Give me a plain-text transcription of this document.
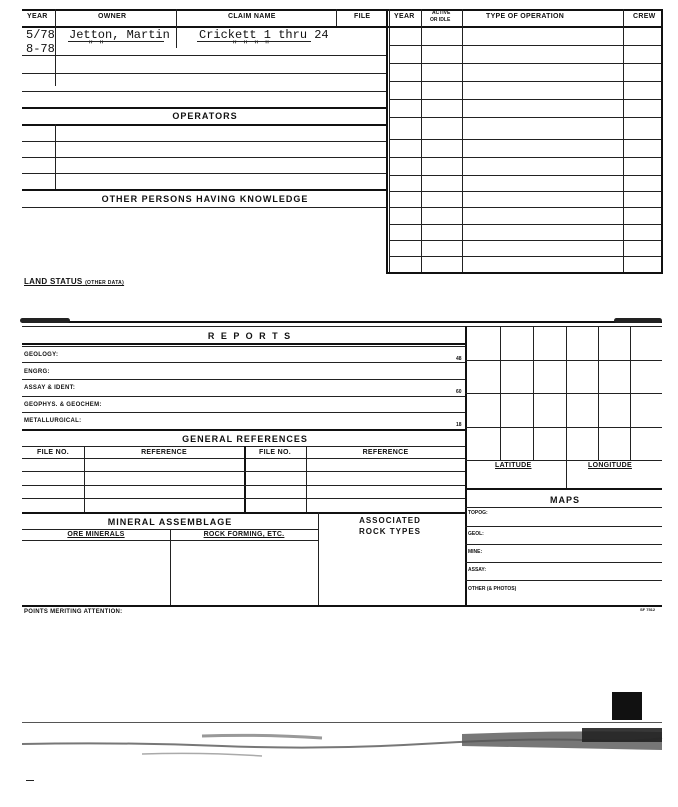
YEAR	OWNER	CLAIM NAME	FILE	YEAR	ACTIVE
OR IDLE	TYPE OF OPERATION	CREW
5/78 Jetton, Martin Crickett 1 thru 24
8-78	" "	" " " "
OPERATORS
OTHER PERSONS HAVING KNOWLEDGE
LAND STATUS (OTHER DATA)
R E P O R T S
GEOLOGY:
ENGRG:
ASSAY & IDENT:
GEOPHYS. & GEOCHEM:
METALLURGICAL:
48
60
18
GENERAL REFERENCES
FILE NO.	REFERENCE	FILE NO.	REFERENCE
MINERAL ASSEMBLAGE	ASSOCIATED
ROCK TYPES
ORE MINERALS	ROCK FORMING, ETC.
LATITUDE	LONGITUDE
MAPS
TOPOG:
GEOL:
MINE:
ASSAY:
OTHER (& PHOTOS)
POINTS MERITING ATTENTION:	SF 7512
